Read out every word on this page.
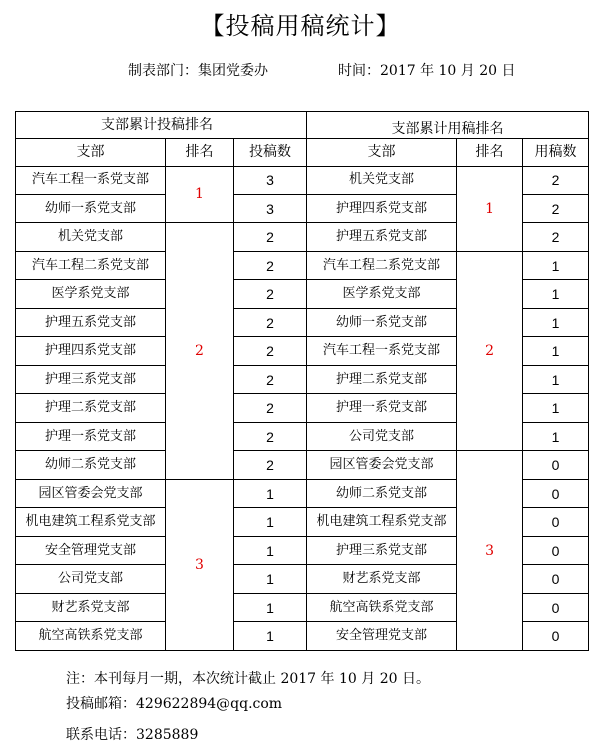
【投稿用稿统计】
制表部门：集团党委办	时间：2017 年 10 月 20 日
支部累计投稿排名			支部累计用稿排名		
支部	排名	投稿数	支部	排名	用稿数
汽车工程一系党支部	1	3	机关党支部	1	2
幼师一系党支部		3	护理四系党支部		2
机关党支部	2	2	护理五系党支部		2
汽车工程二系党支部		2	汽车工程二系党支部	2	1
医学系党支部		2	医学系党支部		1
护理五系党支部		2	幼师一系党支部		1
护理四系党支部		2	汽车工程一系党支部		1
护理三系党支部		2	护理二系党支部		1
护理二系党支部		2	护理一系党支部		1
护理一系党支部		2	公司党支部		1
幼师二系党支部		2	园区管委会党支部	3	0
园区管委会党支部	3	1	幼师二系党支部		0
机电建筑工程系党支部		1	机电建筑工程系党支部		0
安全管理党支部		1	护理三系党支部		0
公司党支部		1	财艺系党支部		0
财艺系党支部		1	航空高铁系党支部		0
航空高铁系党支部		1	安全管理党支部		0
注：本刊每月一期，本次统计截止 2017 年 10 月 20 日。
投稿邮箱：429622894@qq.com
联系电话：3285889
